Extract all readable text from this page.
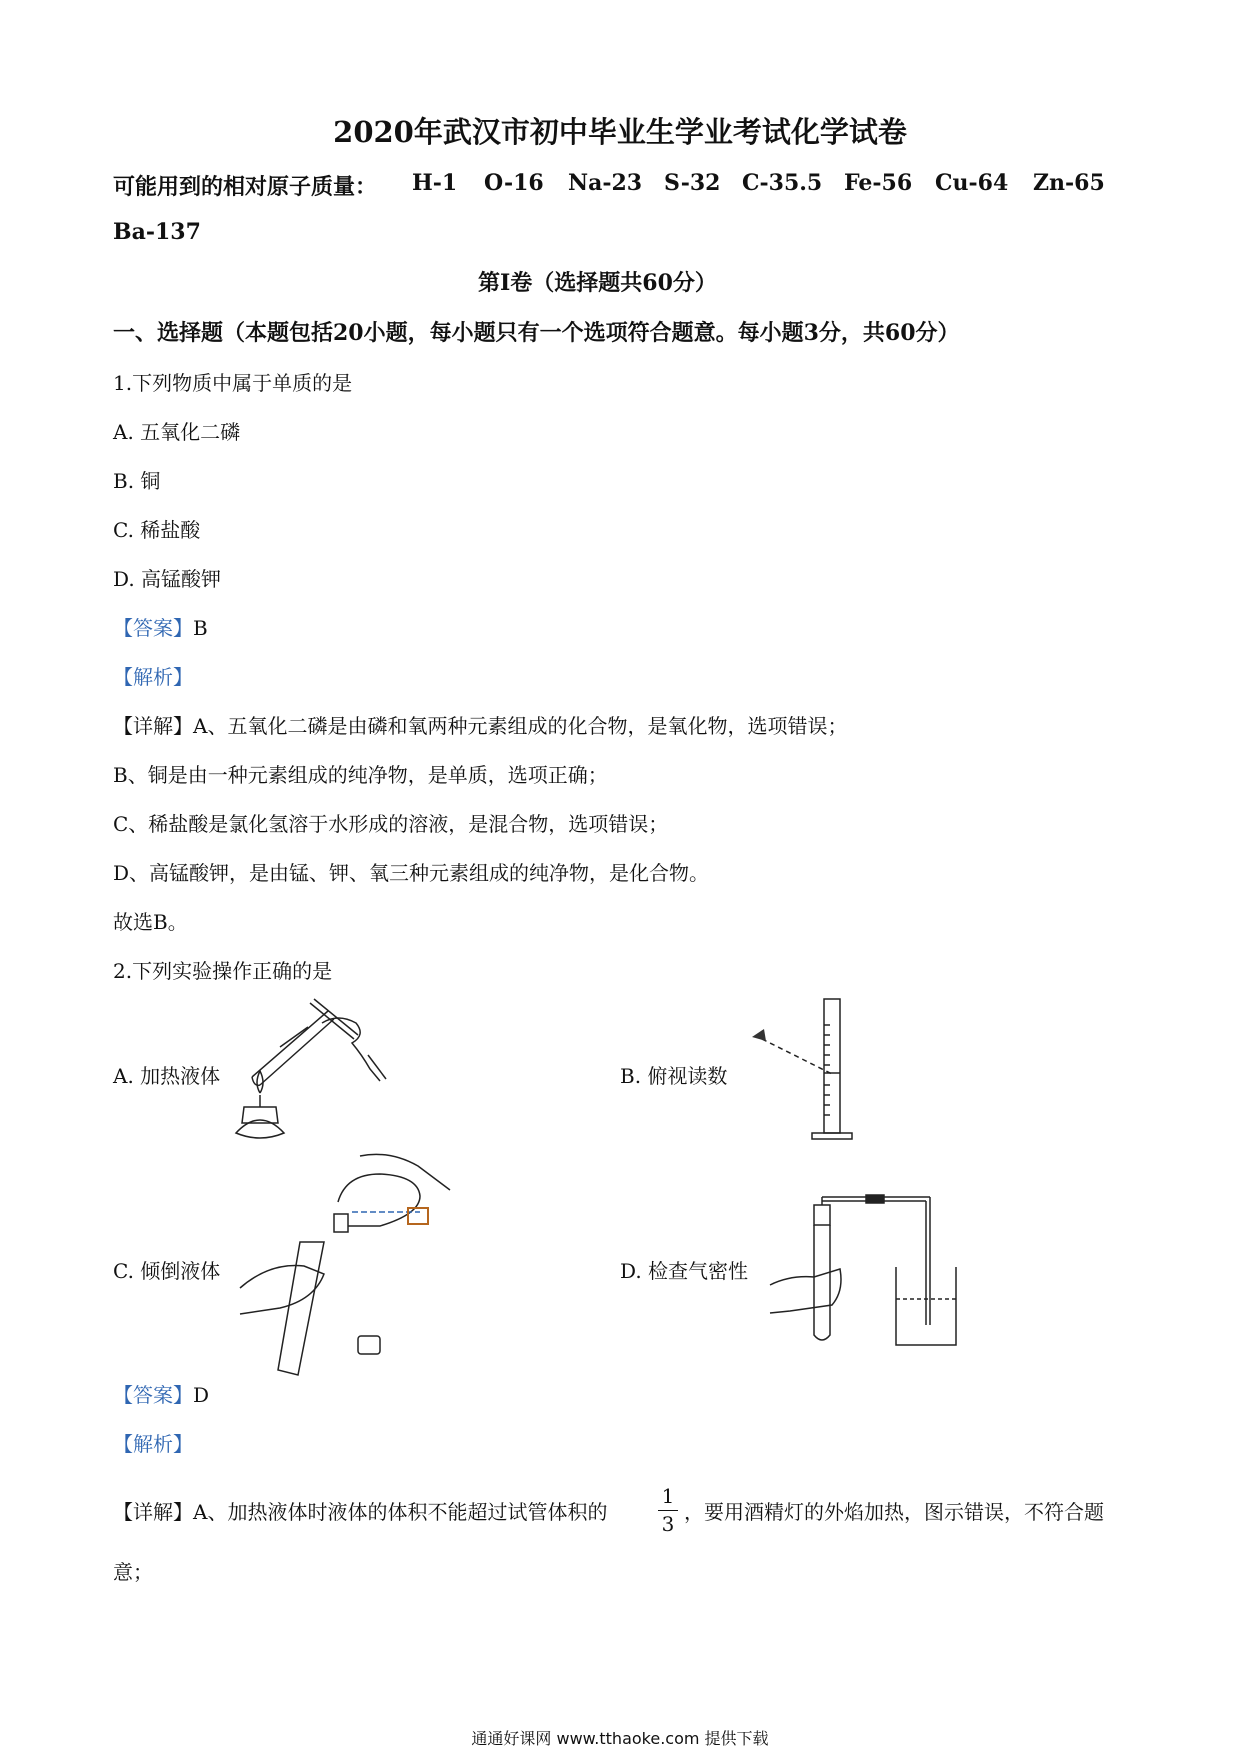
2020年武汉市初中毕业生学业考试化学试卷
可能用到的相对原子质量： H-1 O-16 Na-23 S-32 C-35.5 Fe-56 Cu-64 Zn-65
Ba-137
第Ⅰ卷（选择题共60分）
一、选择题（本题包括20小题，每小题只有一个选项符合题意。每小题3分，共60分）
1.下列物质中属于单质的是
A. 五氧化二磷
B. 铜
C. 稀盐酸
D. 高锰酸钾
【答案】B
【解析】
【详解】A、五氧化二磷是由磷和氧两种元素组成的化合物，是氧化物，选项错误；
B、铜是由一种元素组成的纯净物，是单质，选项正确；
C、稀盐酸是氯化氢溶于水形成的溶液，是混合物，选项错误；
D、高锰酸钾，是由锰、钾、氧三种元素组成的纯净物，是化合物。
故选B。
2.下列实验操作正确的是
A. 加热液体	B. 俯视读数
C. 倾倒液体	D. 检查气密性
【答案】D
【解析】
【详解】A、加热液体时液体的体积不能超过试管体积的
1
3 ，要用酒精灯的外焰加热，图示错误，不符合题
意；
通通好课网 www.tthaoke.com 提供下载
